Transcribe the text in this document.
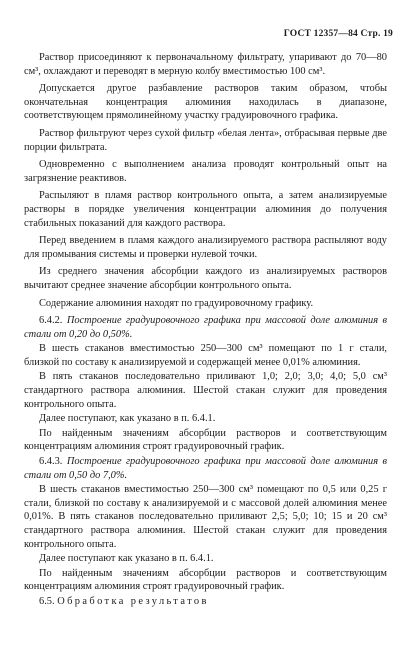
ГОСТ 12357—84 Стр. 19

Раствор присоединяют к первоначальному фильтрату, упаривают до 70—80 см³, охлаждают и переводят в мерную колбу вместимостью 100 см³.

Допускается другое разбавление растворов таким образом, чтобы окончательная концентрация алюминия находилась в диапазоне, соответствующем прямолинейному участку градуировочного графика.

Раствор фильтруют через сухой фильтр «белая лента», отбрасывая первые две порции фильтрата.

Одновременно с выполнением анализа проводят контрольный опыт на загрязнение реактивов.

Распыляют в пламя раствор контрольного опыта, а затем анализируемые растворы в порядке увеличения концентрации алюминия до получения стабильных показаний для каждого раствора.

Перед введением в пламя каждого анализируемого раствора распыляют воду для промывания системы и проверки нулевой точки.

Из среднего значения абсорбции каждого из анализируемых растворов вычитают среднее значение абсорбции контрольного опыта.

Содержание алюминия находят по градуировочному графику.

6.4.2. Построение градуировочного графика при массовой доле алюминия в стали от 0,20 до 0,50%.

В шесть стаканов вместимостью 250—300 см³ помещают по 1 г стали, близкой по составу к анализируемой и содержащей менее 0,01% алюминия.

В пять стаканов последовательно приливают 1,0; 2,0; 3,0; 4,0; 5,0 см³ стандартного раствора алюминия. Шестой стакан служит для проведения контрольного опыта.

Далее поступают, как указано в п. 6.4.1.

По найденным значениям абсорбции растворов и соответствующим концентрациям алюминия строят градуировочный график.

6.4.3. Построение градуировочного графика при массовой доле алюминия в стали от 0,50 до 7,0%.

В шесть стаканов вместимостью 250—300 см³ помещают по 0,5 или 0,25 г стали, близкой по составу к анализируемой и с массовой долей алюминия менее 0,01%. В пять стаканов последовательно приливают 2,5; 5,0; 10; 15 и 20 см³ стандартного раствора алюминия. Шестой стакан служит для проведения контрольного опыта.

Далее поступают как указано в п. 6.4.1.

По найденным значениям абсорбции растворов и соответствующим концентрациям алюминия строят градуировочный график.

6.5. Обработка результатов
